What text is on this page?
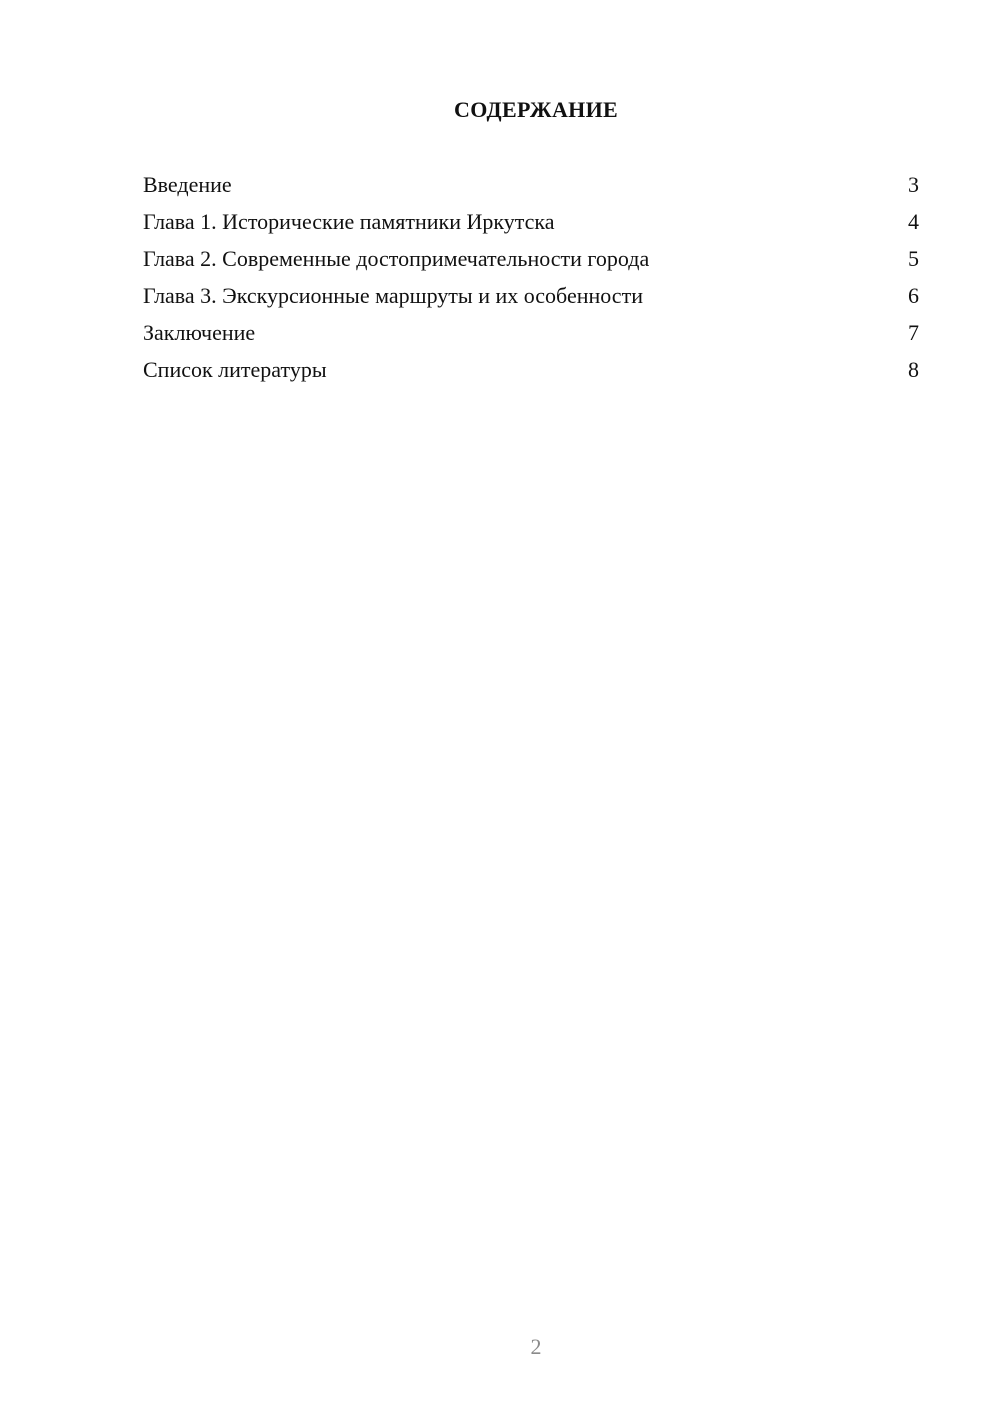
СОДЕРЖАНИЕ
Введение	3
Глава 1. Исторические памятники Иркутска	4
Глава 2. Современные достопримечательности города	5
Глава 3. Экскурсионные маршруты и их особенности	6
Заключение	7
Список литературы	8
2
